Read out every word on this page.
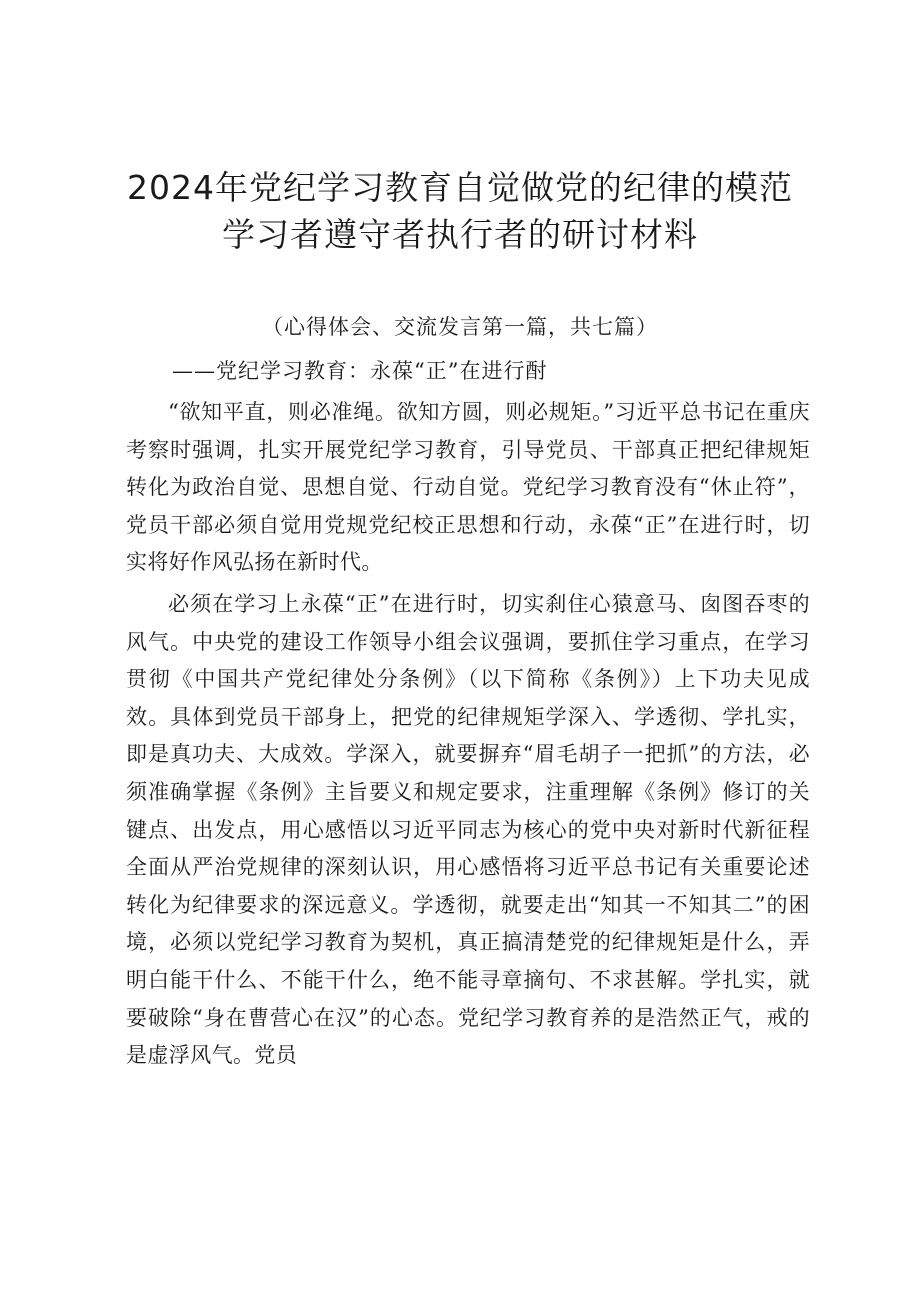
2024年党纪学习教育自觉做党的纪律的模范
学习者遵守者执行者的研讨材料
（心得体会、交流发言第一篇，共七篇）
——党纪学习教育：永葆“正”在进行酎

“欲知平直，则必准绳。欲知方圆，则必规矩。”习近平总书记在重庆考察时强调，扎实开展党纪学习教育，引导党员、干部真正把纪律规矩转化为政治自觉、思想自觉、行动自觉。党纪学习教育没有“休止符”，党员干部必须自觉用党规党纪校正思想和行动，永葆“正”在进行时，切实将好作风弘扬在新时代。

必须在学习上永葆“正”在进行时，切实刹住心猿意马、囱图吞枣的风气。中央党的建设工作领导小组会议强调，要抓住学习重点，在学习贯彻《中国共产党纪律处分条例》（以下简称《条例》）上下功夫见成效。具体到党员干部身上，把党的纪律规矩学深入、学透彻、学扎实，即是真功夫、大成效。学深入，就要摒弃“眉毛胡子一把抓”的方法，必须准确掌握《条例》主旨要义和规定要求，注重理解《条例》修订的关键点、出发点，用心感悟以习近平同志为核心的党中央对新时代新征程全面从严治党规律的深刻认识，用心感悟将习近平总书记有关重要论述转化为纪律要求的深远意义。学透彻，就要走出“知其一不知其二”的困境，必须以党纪学习教育为契机，真正搞清楚党的纪律规矩是什么，弄明白能干什么、不能干什么，绝不能寻章摘句、不求甚解。学扎实，就要破除“身在曹营心在汉”的心态。党纪学习教育养的是浩然正气，戒的是虚浮风气。党员
